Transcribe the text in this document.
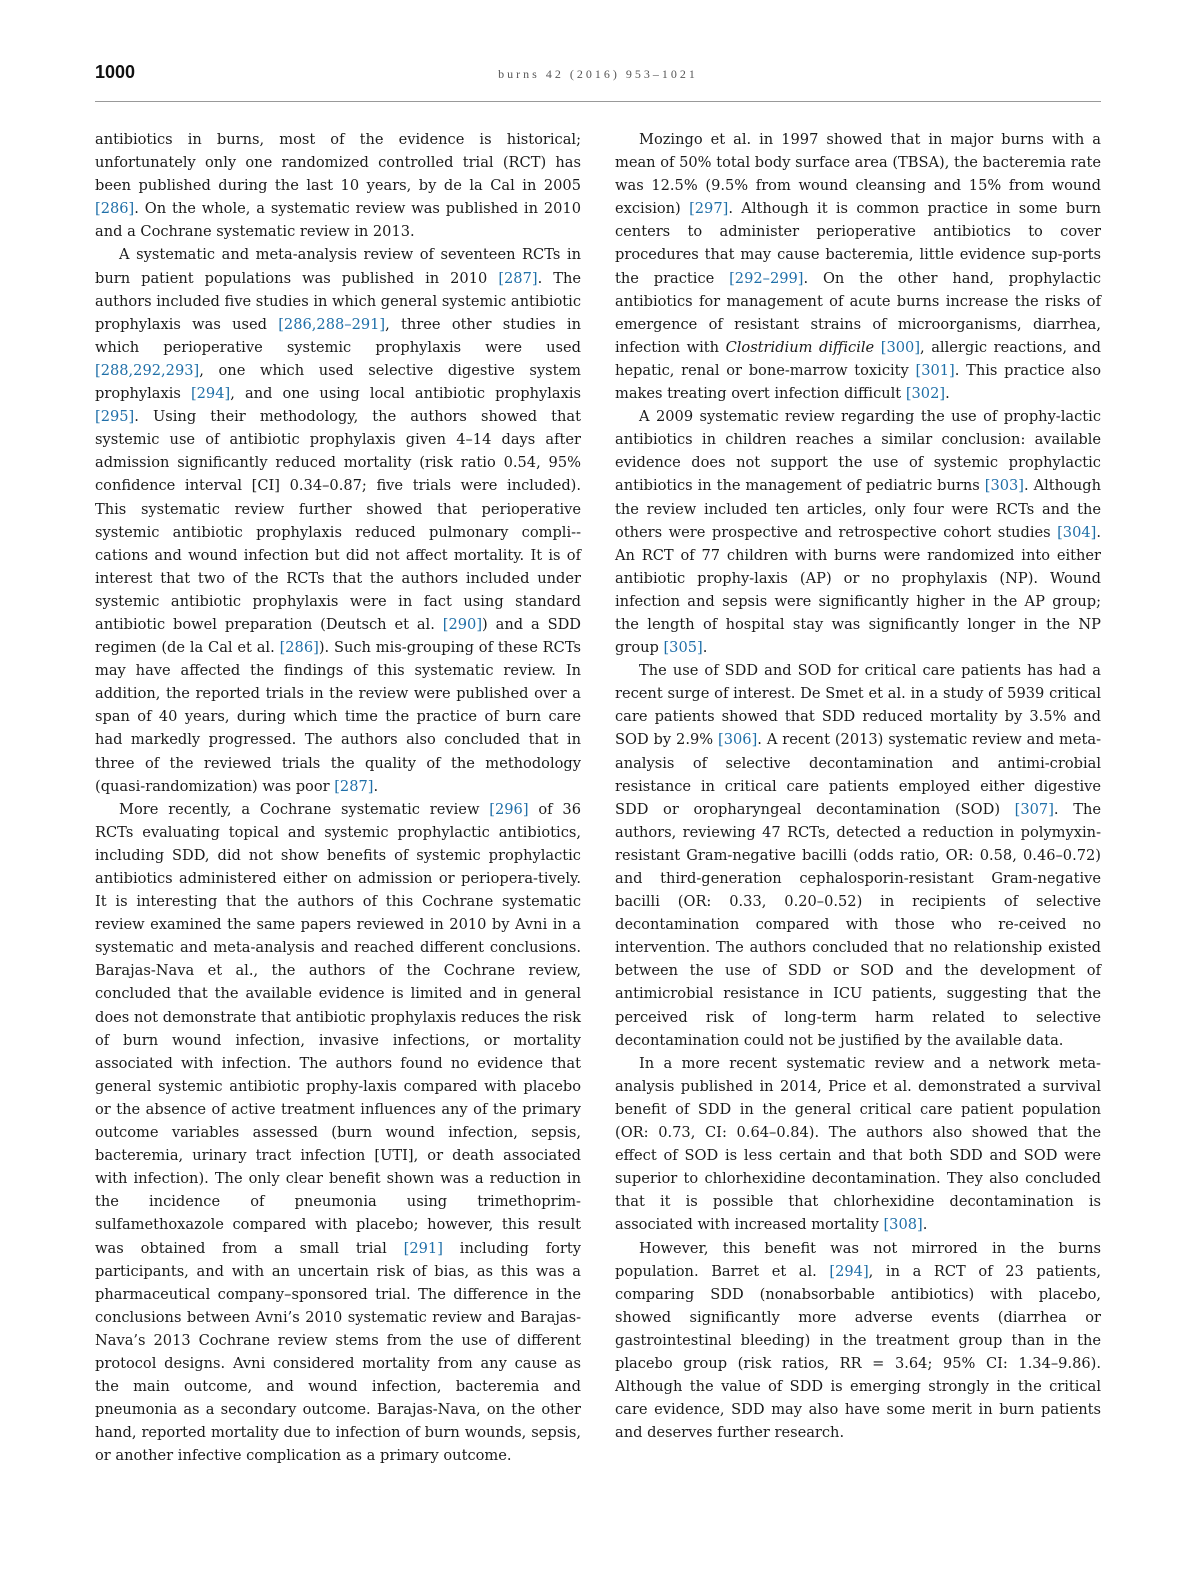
1000	burns 42 (2016) 953–1021

antibiotics in burns, most of the evidence is historical; unfortunately only one randomized controlled trial (RCT) has been published during the last 10 years, by de la Cal in 2005 [286]. On the whole, a systematic review was published in 2010 and a Cochrane systematic review in 2013.

A systematic and meta-analysis review of seventeen RCTs in burn patient populations was published in 2010 [287]. The authors included five studies in which general systemic antibiotic prophylaxis was used [286,288–291], three other studies in which perioperative systemic prophylaxis were used [288,292,293], one which used selective digestive system prophylaxis [294], and one using local antibiotic prophylaxis [295]. Using their methodology, the authors showed that systemic use of antibiotic prophylaxis given 4–14 days after admission significantly reduced mortality (risk ratio 0.54, 95% confidence interval [CI] 0.34–0.87; five trials were included). This systematic review further showed that perioperative systemic antibiotic prophylaxis reduced pulmonary compli-cations and wound infection but did not affect mortality. It is of interest that two of the RCTs that the authors included under systemic antibiotic prophylaxis were in fact using standard antibiotic bowel preparation (Deutsch et al. [290]) and a SDD regimen (de la Cal et al. [286]). Such mis-grouping of these RCTs may have affected the findings of this systematic review. In addition, the reported trials in the review were published over a span of 40 years, during which time the practice of burn care had markedly progressed. The authors also concluded that in three of the reviewed trials the quality of the methodology (quasi-randomization) was poor [287].

More recently, a Cochrane systematic review [296] of 36 RCTs evaluating topical and systemic prophylactic antibiotics, including SDD, did not show benefits of systemic prophylactic antibiotics administered either on admission or periopera-tively. It is interesting that the authors of this Cochrane systematic review examined the same papers reviewed in 2010 by Avni in a systematic and meta-analysis and reached different conclusions. Barajas-Nava et al., the authors of the Cochrane review, concluded that the available evidence is limited and in general does not demonstrate that antibiotic prophylaxis reduces the risk of burn wound infection, invasive infections, or mortality associated with infection. The authors found no evidence that general systemic antibiotic prophy-laxis compared with placebo or the absence of active treatment influences any of the primary outcome variables assessed (burn wound infection, sepsis, bacteremia, urinary tract infection [UTI], or death associated with infection). The only clear benefit shown was a reduction in the incidence of pneumonia using trimethoprim-sulfamethoxazole compared with placebo; however, this result was obtained from a small trial [291] including forty participants, and with an uncertain risk of bias, as this was a pharmaceutical company–sponsored trial. The difference in the conclusions between Avni’s 2010 systematic review and Barajas-Nava’s 2013 Cochrane review stems from the use of different protocol designs. Avni considered mortality from any cause as the main outcome, and wound infection, bacteremia and pneumonia as a secondary outcome. Barajas-Nava, on the other hand, reported mortality due to infection of burn wounds, sepsis, or another infective complication as a primary outcome.

Mozingo et al. in 1997 showed that in major burns with a mean of 50% total body surface area (TBSA), the bacteremia rate was 12.5% (9.5% from wound cleansing and 15% from wound excision) [297]. Although it is common practice in some burn centers to administer perioperative antibiotics to cover procedures that may cause bacteremia, little evidence sup-ports the practice [292–299]. On the other hand, prophylactic antibiotics for management of acute burns increase the risks of emergence of resistant strains of microorganisms, diarrhea, infection with Clostridium difficile [300], allergic reactions, and hepatic, renal or bone-marrow toxicity [301]. This practice also makes treating overt infection difficult [302].

A 2009 systematic review regarding the use of prophy-lactic antibiotics in children reaches a similar conclusion: available evidence does not support the use of systemic prophylactic antibiotics in the management of pediatric burns [303]. Although the review included ten articles, only four were RCTs and the others were prospective and retrospective cohort studies [304]. An RCT of 77 children with burns were randomized into either antibiotic prophy-laxis (AP) or no prophylaxis (NP). Wound infection and sepsis were significantly higher in the AP group; the length of hospital stay was significantly longer in the NP group [305].

The use of SDD and SOD for critical care patients has had a recent surge of interest. De Smet et al. in a study of 5939 critical care patients showed that SDD reduced mortality by 3.5% and SOD by 2.9% [306]. A recent (2013) systematic review and meta-analysis of selective decontamination and antimi-crobial resistance in critical care patients employed either digestive SDD or oropharyngeal decontamination (SOD) [307]. The authors, reviewing 47 RCTs, detected a reduction in polymyxin-resistant Gram-negative bacilli (odds ratio, OR: 0.58, 0.46–0.72) and third-generation cephalosporin-resistant Gram-negative bacilli (OR: 0.33, 0.20–0.52) in recipients of selective decontamination compared with those who re-ceived no intervention. The authors concluded that no relationship existed between the use of SDD or SOD and the development of antimicrobial resistance in ICU patients, suggesting that the perceived risk of long-term harm related to selective decontamination could not be justified by the available data.

In a more recent systematic review and a network meta-analysis published in 2014, Price et al. demonstrated a survival benefit of SDD in the general critical care patient population (OR: 0.73, CI: 0.64–0.84). The authors also showed that the effect of SOD is less certain and that both SDD and SOD were superior to chlorhexidine decontamination. They also concluded that it is possible that chlorhexidine decontamination is associated with increased mortality [308].

However, this benefit was not mirrored in the burns population. Barret et al. [294], in a RCT of 23 patients, comparing SDD (nonabsorbable antibiotics) with placebo, showed significantly more adverse events (diarrhea or gastrointestinal bleeding) in the treatment group than in the placebo group (risk ratios, RR = 3.64; 95% CI: 1.34–9.86). Although the value of SDD is emerging strongly in the critical care evidence, SDD may also have some merit in burn patients and deserves further research.
